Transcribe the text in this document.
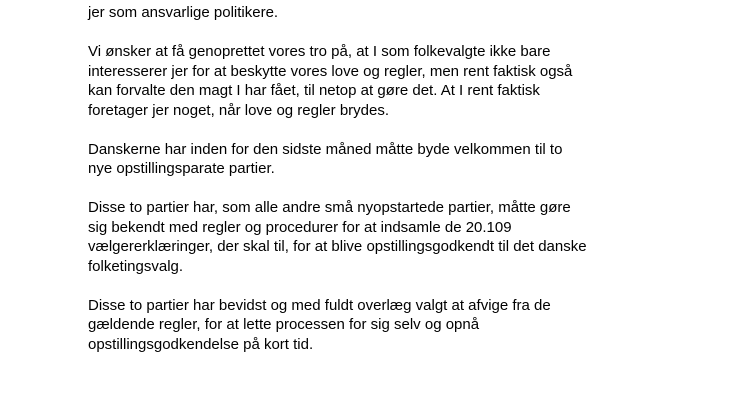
jer som ansvarlige politikere.

Vi ønsker at få genoprettet vores tro på, at I som folkevalgte ikke bare
interesserer jer for at beskytte vores love og regler, men rent faktisk også
kan forvalte den magt I har fået, til netop at gøre det. At I rent faktisk
foretager jer noget, når love og regler brydes.

Danskerne har inden for den sidste måned måtte byde velkommen til to
nye opstillingsparate partier.

Disse to partier har, som alle andre små nyopstartede partier, måtte gøre
sig bekendt med regler og procedurer for at indsamle de 20.109
vælgererklæringer, der skal til, for at blive opstillingsgodkendt til det danske
folketingsvalg.

Disse to partier har bevidst og med fuldt overlæg valgt at afvige fra de
gældende regler, for at lette processen for sig selv og opnå
opstillingsgodkendelse på kort tid.
